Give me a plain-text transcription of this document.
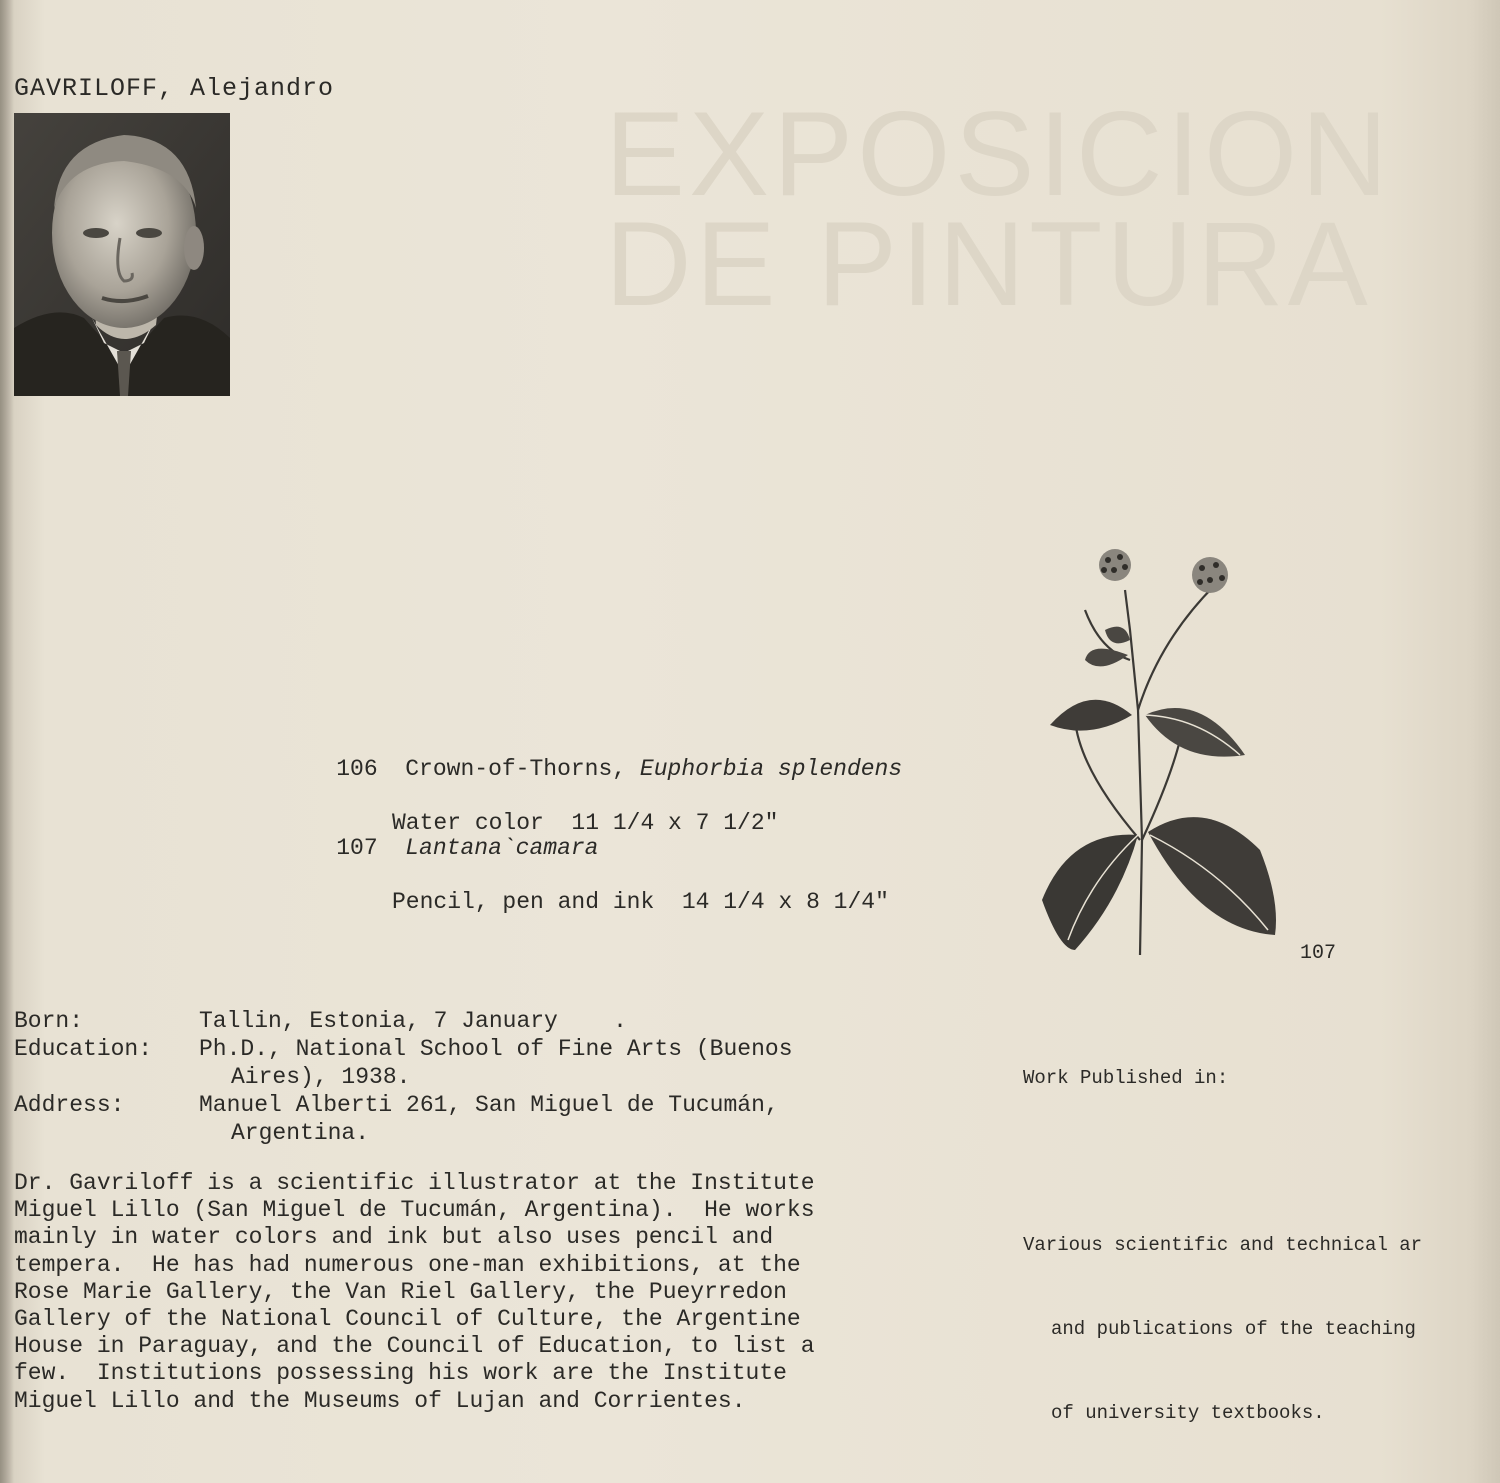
EXPOSICION
DE PINTURA
GAVRILOFF, Alejandro

106 Crown-of-Thorns, Euphorbia splendens

Water color  11 1/4 x 7 1/2"

107 Lantana`camara

Pencil, pen and ink  14 1/4 x 8 1/4"

107
Born:	Tallin, Estonia, 7 January    .
Education: Ph.D., National School of Fine Arts (Buenos
Aires), 1938.
Address:	Manuel Alberti 261, San Miguel de Tucumán,
Argentina.

Work Published in:

Various scientific and technical ar

and publications of the teaching

of university textbooks.

Dr. Gavriloff is a scientific illustrator at the Institute
Miguel Lillo (San Miguel de Tucumán, Argentina).  He works
mainly in water colors and ink but also uses pencil and
tempera.  He has had numerous one-man exhibitions, at the
Rose Marie Gallery, the Van Riel Gallery, the Pueyrredon
Gallery of the National Council of Culture, the Argentine
House in Paraguay, and the Council of Education, to list a
few.  Institutions possessing his work are the Institute
Miguel Lillo and the Museums of Lujan and Corrientes.
